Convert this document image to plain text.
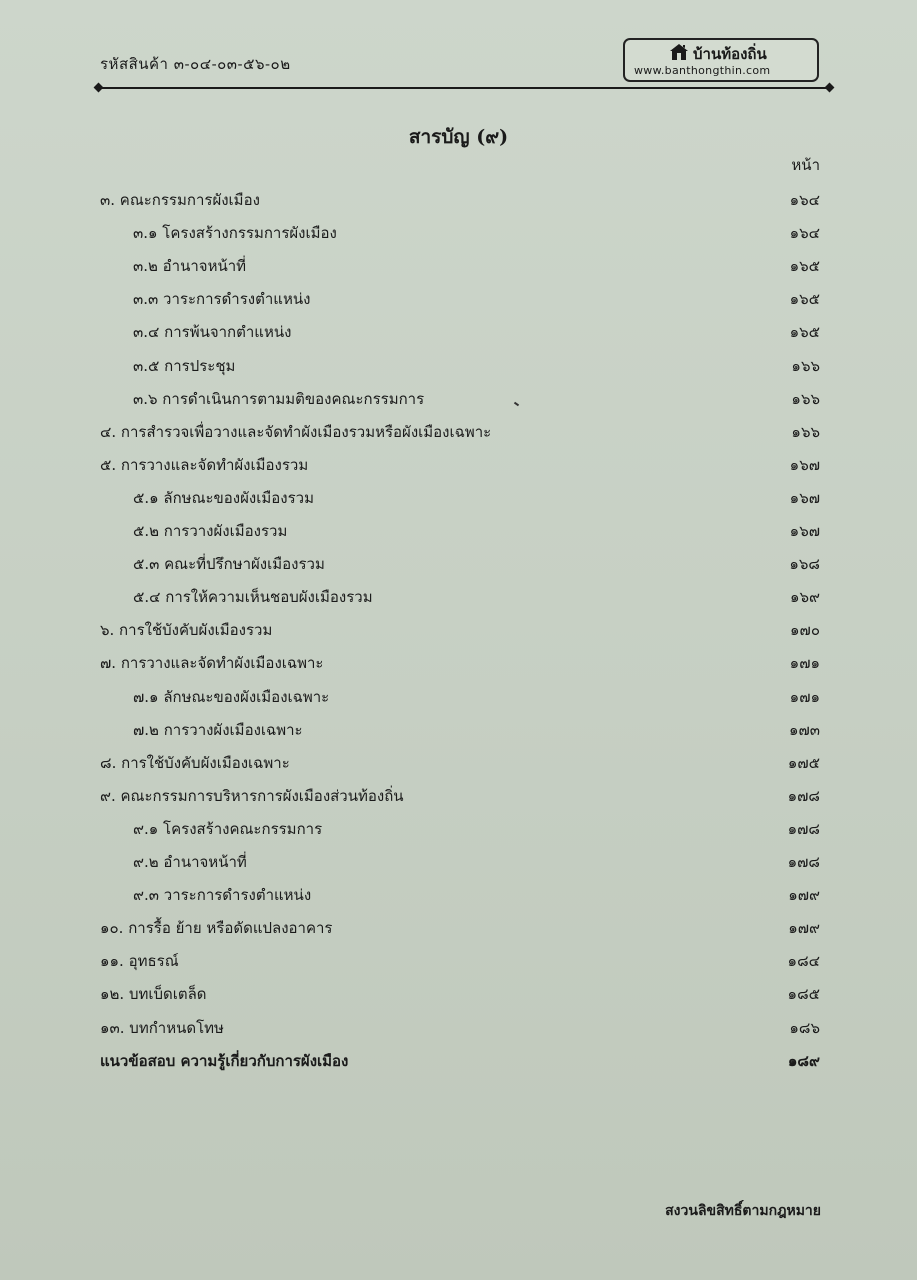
รหัสสินค้า ๓-๐๔-๐๓-๕๖-๐๒
บ้านท้องถิ่น
www.banthongthin.com
สารบัญ (๙)
หน้า
๓. คณะกรรมการผังเมือง	๑๖๔
๓.๑ โครงสร้างกรรมการผังเมือง	๑๖๔
๓.๒ อำนาจหน้าที่	๑๖๕
๓.๓ วาระการดำรงตำแหน่ง	๑๖๕
๓.๔ การพ้นจากตำแหน่ง	๑๖๕
๓.๕ การประชุม	๑๖๖
๓.๖ การดำเนินการตามมติของคณะกรรมการ	๑๖๖
๔. การสำรวจเพื่อวางและจัดทำผังเมืองรวมหรือผังเมืองเฉพาะ	๑๖๖
๕. การวางและจัดทำผังเมืองรวม	๑๖๗
๕.๑ ลักษณะของผังเมืองรวม	๑๖๗
๕.๒ การวางผังเมืองรวม	๑๖๗
๕.๓ คณะที่ปรึกษาผังเมืองรวม	๑๖๘
๕.๔ การให้ความเห็นชอบผังเมืองรวม	๑๖๙
๖. การใช้บังคับผังเมืองรวม	๑๗๐
๗. การวางและจัดทำผังเมืองเฉพาะ	๑๗๑
๗.๑ ลักษณะของผังเมืองเฉพาะ	๑๗๑
๗.๒ การวางผังเมืองเฉพาะ	๑๗๓
๘. การใช้บังคับผังเมืองเฉพาะ	๑๗๕
๙. คณะกรรมการบริหารการผังเมืองส่วนท้องถิ่น	๑๗๘
๙.๑ โครงสร้างคณะกรรมการ	๑๗๘
๙.๒ อำนาจหน้าที่	๑๗๘
๙.๓ วาระการดำรงตำแหน่ง	๑๗๙
๑๐. การรื้อ ย้าย หรือดัดแปลงอาคาร	๑๗๙
๑๑. อุทธรณ์	๑๘๔
๑๒. บทเบ็ดเตล็ด	๑๘๕
๑๓. บทกำหนดโทษ	๑๘๖
แนวข้อสอบ ความรู้เกี่ยวกับการผังเมือง	๑๘๙
สงวนลิขสิทธิ์ตามกฎหมาย
